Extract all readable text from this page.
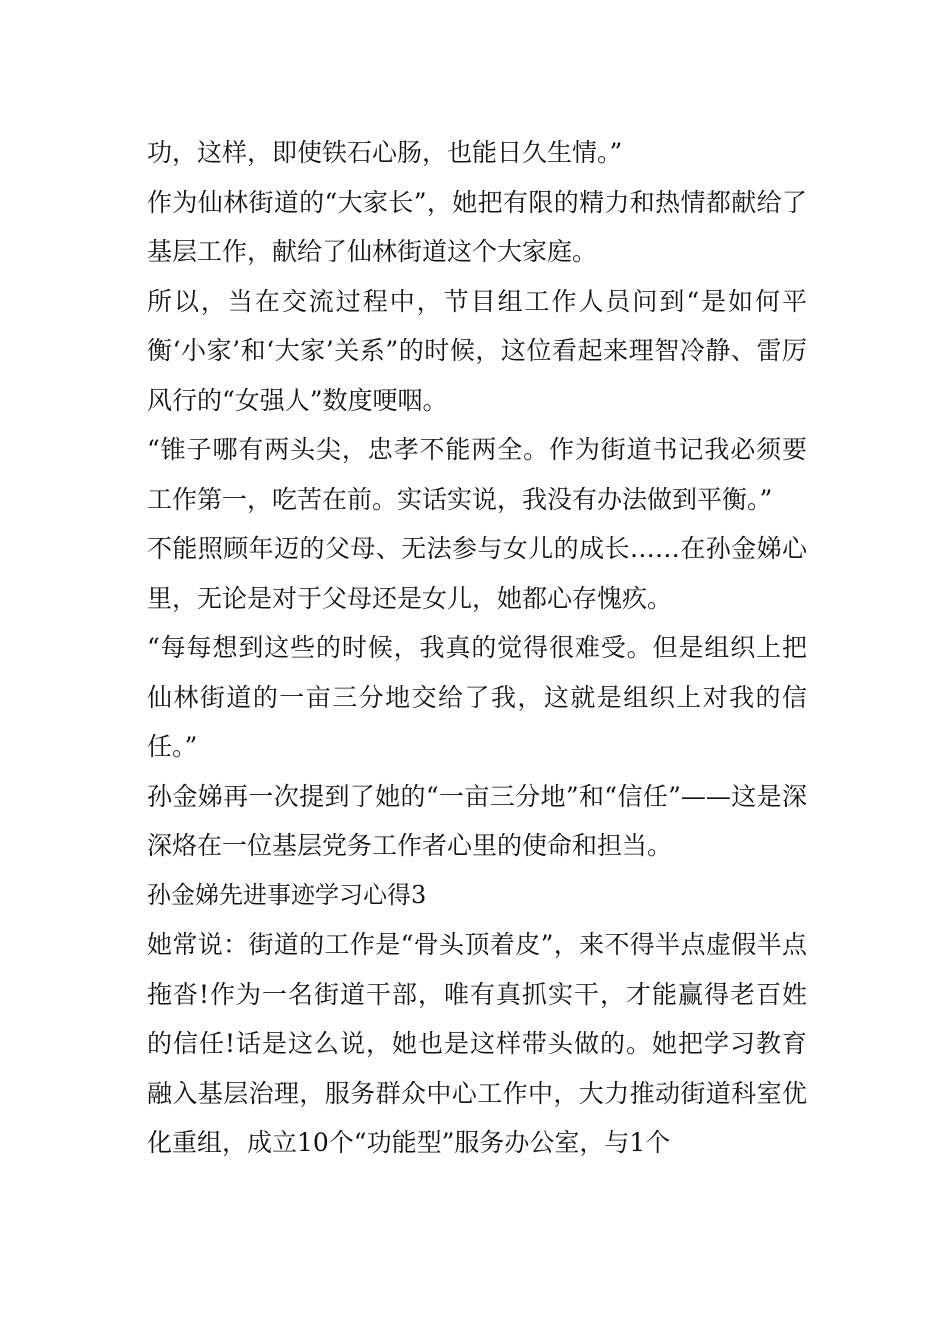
功，这样，即使铁石心肠，也能日久生情。”

作为仙林街道的“大家长”，她把有限的精力和热情都献给了基层工作，献给了仙林街道这个大家庭。

所以，当在交流过程中，节目组工作人员问到“是如何平衡‘小家’和‘大家’关系”的时候，这位看起来理智冷静、雷厉风行的“女强人”数度哽咽。

“锥子哪有两头尖，忠孝不能两全。作为街道书记我必须要工作第一，吃苦在前。实话实说，我没有办法做到平衡。”

不能照顾年迈的父母、无法参与女儿的成长……在孙金娣心里，无论是对于父母还是女儿，她都心存愧疚。

“每每想到这些的时候，我真的觉得很难受。但是组织上把仙林街道的一亩三分地交给了我，这就是组织上对我的信任。”

孙金娣再一次提到了她的“一亩三分地”和“信任”——这是深深烙在一位基层党务工作者心里的使命和担当。

孙金娣先进事迹学习心得3

她常说：街道的工作是“骨头顶着皮”，来不得半点虚假半点拖沓!作为一名街道干部，唯有真抓实干，才能赢得老百姓的信任!话是这么说，她也是这样带头做的。她把学习教育融入基层治理，服务群众中心工作中，大力推动街道科室优化重组，成立10个“功能型”服务办公室，与1个
